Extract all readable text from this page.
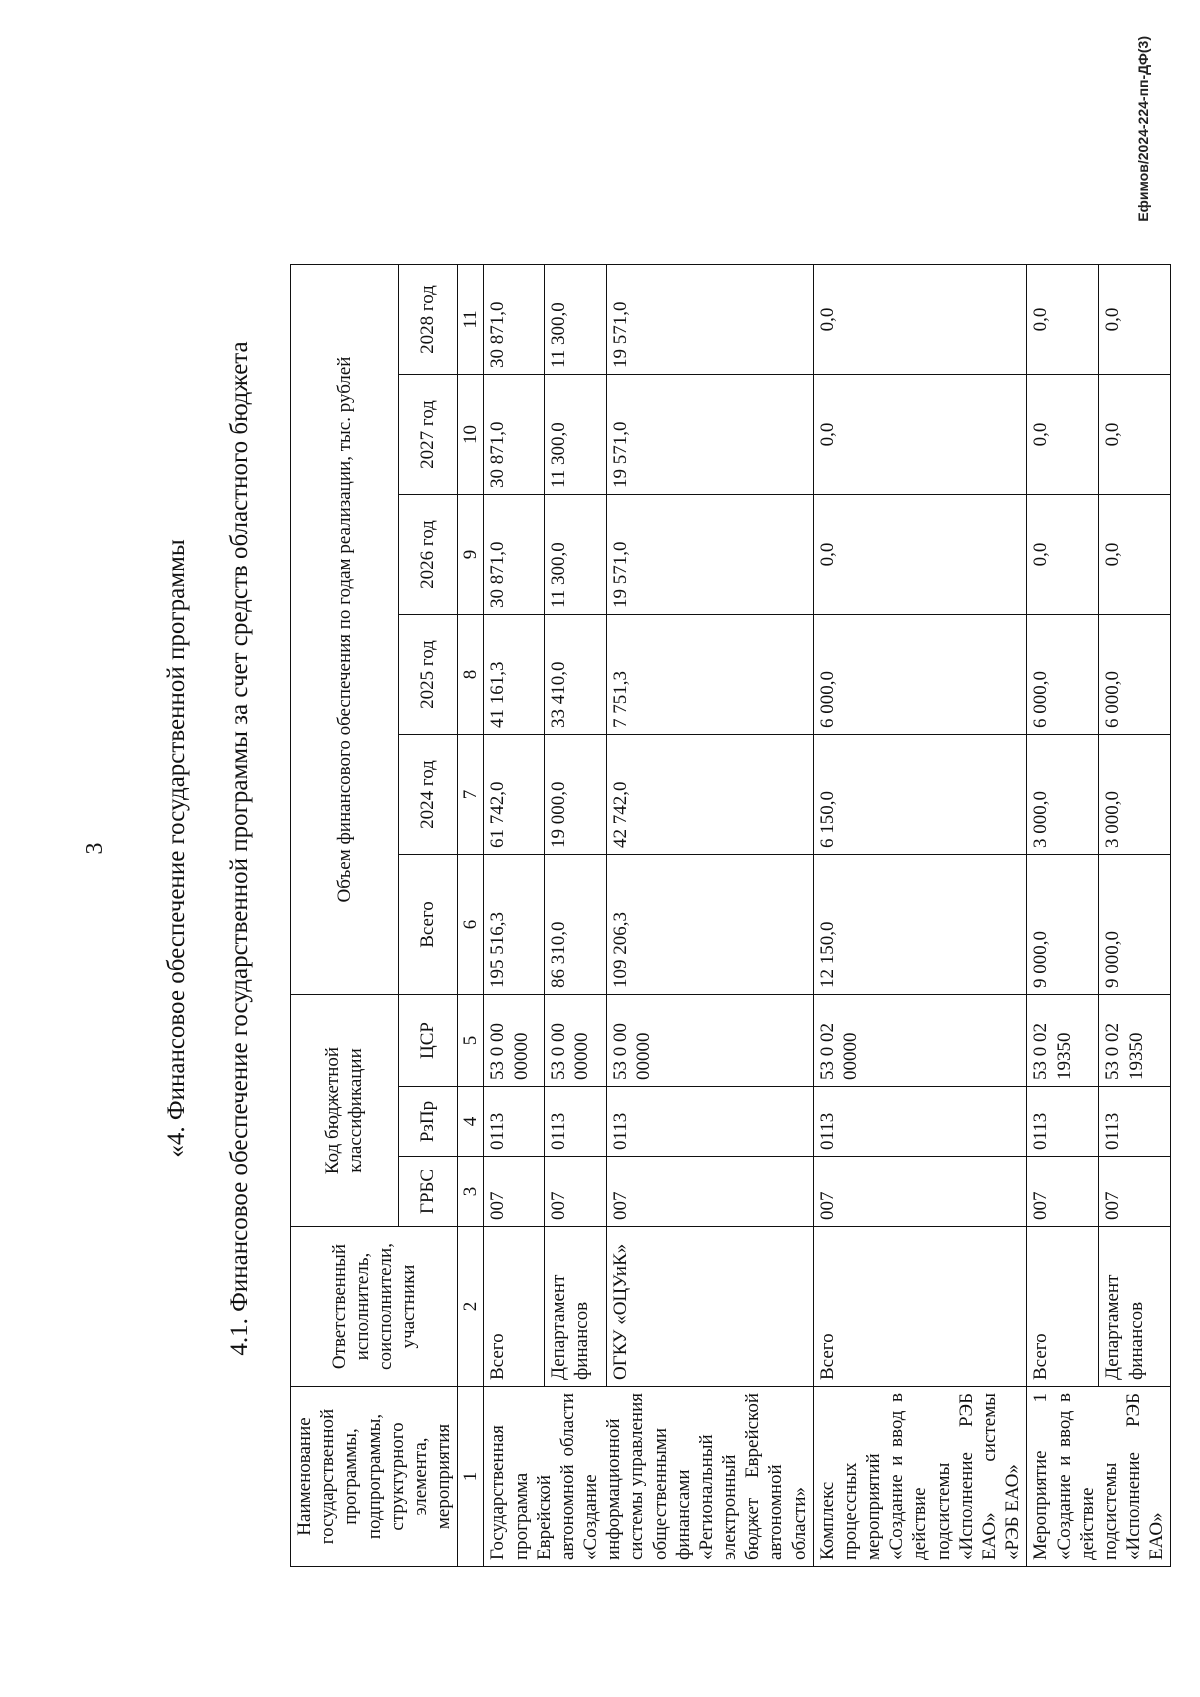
3 «4. Финансовое обеспечение государственной программы 4.1. Финансовое обеспечение государственной программы за счет средств областного бюджета
Наименование государственной программы, подпрограммы, структурного элемента, мероприятия	Ответственный исполнитель, соисполнители, участники	Код бюджетной классификации			Объем финансового обеспечения по годам реализации, тыс. рублей					
		ГРБС	РзПр	ЦСР	Всего	2024 год	2025 год	2026 год	2027 год	2028 год
1	2	3	4	5	6	7	8	9	10	11
Государственная программа Еврейской автономной области «Создание информационной системы управления общественными финансами «Региональный электронный бюджет Еврейской автономной области»	Всего	007	0113	53 0 00 00000	195 516,3	61 742,0	41 161,3	30 871,0	30 871,0	30 871,0
	Департамент финансов	007	0113	53 0 00 00000	86 310,0	19 000,0	33 410,0	11 300,0	11 300,0	11 300,0
	ОГКУ «ОЦУиК»	007	0113	53 0 00 00000	109 206,3	42 742,0	7 751,3	19 571,0	19 571,0	19 571,0
Комплекс процессных мероприятий «Создание и ввод в действие подсистемы «Исполнение РЭБ ЕАО» системы «РЭБ ЕАО»	Всего	007	0113	53 0 02 00000	12 150,0	6 150,0	6 000,0	0,0	0,0	0,0
Мероприятие 1 «Создание и ввод в действие подсистемы «Исполнение РЭБ ЕАО»	Всего	007	0113	53 0 02 19350	9 000,0	3 000,0	6 000,0	0,0	0,0	0,0
	Департамент финансов	007	0113	53 0 02 19350	9 000,0	3 000,0	6 000,0	0,0	0,0	0,0
Ефимов/2024-224-пп-ДФ(3)
